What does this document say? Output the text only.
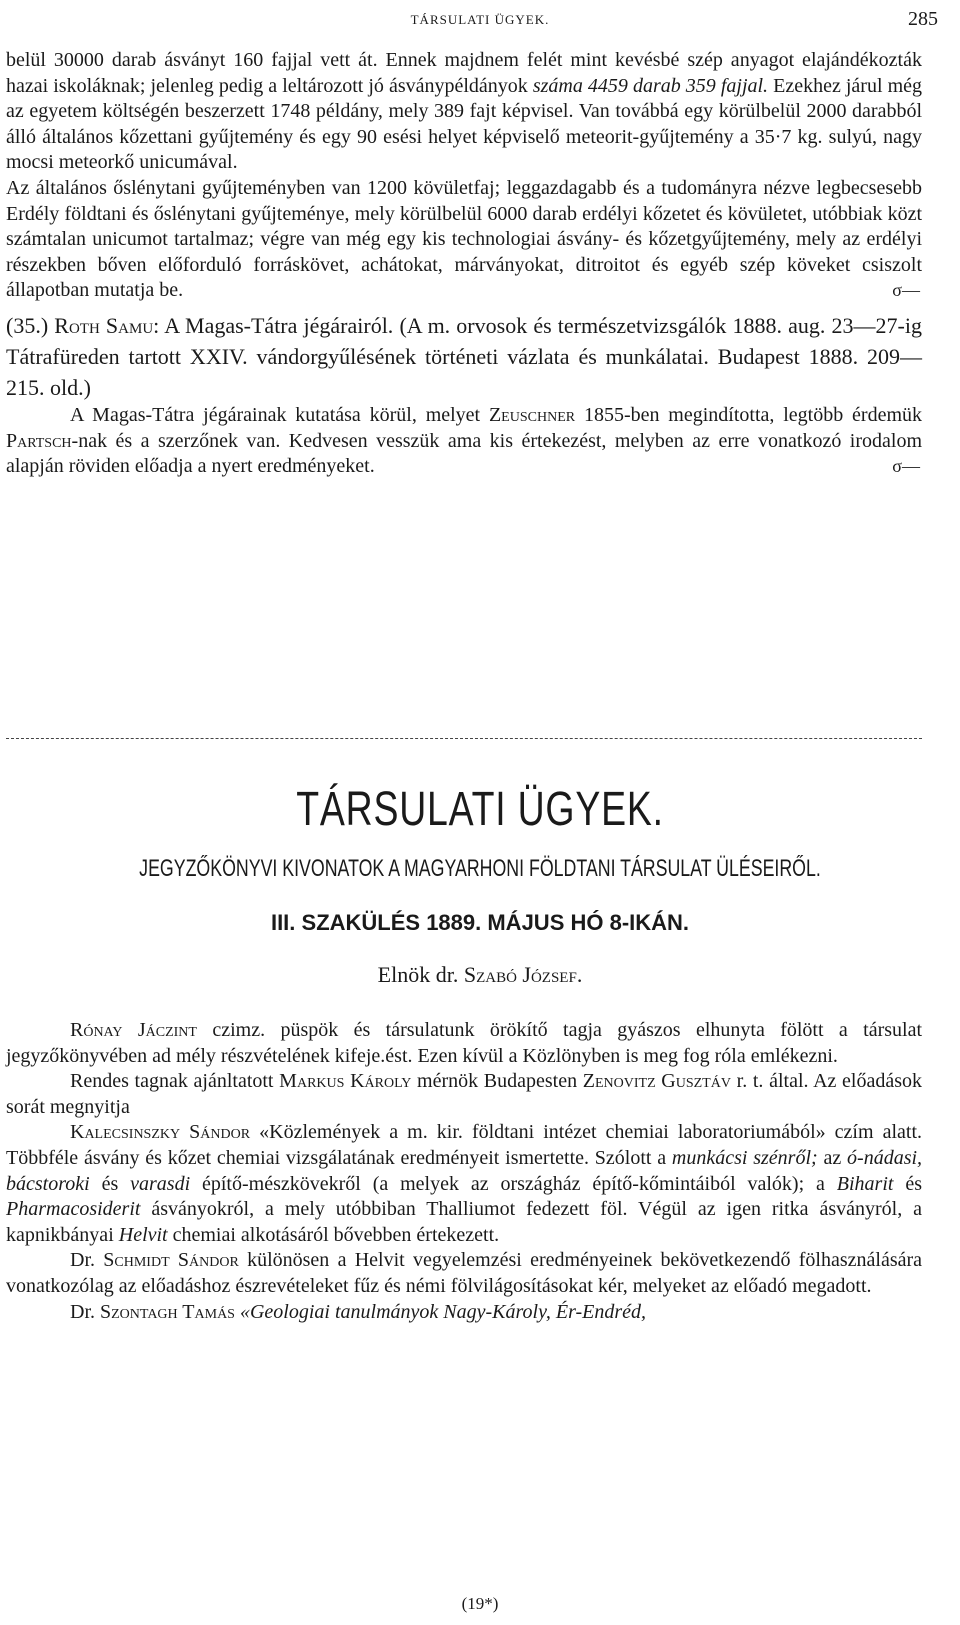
TÁRSULATI ÜGYEK.	285

belül 30000 darab ásványt 160 fajjal vett át. Ennek majdnem felét mint kevésbé szép anyagot elajándékozták hazai iskoláknak; jelenleg pedig a leltározott jó ásványpéldányok száma 4459 darab 359 fajjal. Ezekhez járul még az egyetem költségén beszerzett 1748 példány, mely 389 fajt képvisel. Van továbbá egy körülbelül 2000 darabból álló általános kőzettani gyűjtemény és egy 90 esési helyet képviselő meteorit-gyűjtemény a 35·7 kg. sulyú, nagy mocsi meteorkő unicumával.

Az általános őslénytani gyűjteményben van 1200 kövületfaj; leggazdagabb és a tudományra nézve legbecsesebb Erdély földtani és őslénytani gyűjteménye, mely körülbelül 6000 darab erdélyi kőzetet és kövületet, utóbbiak közt számtalan unicumot tartalmaz; végre van még egy kis technologiai ásvány- és kőzetgyűjtemény, mely az erdélyi részekben bőven előforduló forráskövet, achátokat, márványokat, ditroitot és egyéb szép köveket csiszolt állapotban mutatja be.	σ—

(35.) Roth Samu: A Magas-Tátra jégárairól. (A m. orvosok és természetvizsgálók 1888. aug. 23—27-ig Tátrafüreden tartott XXIV. vándorgyűlésének történeti vázlata és munkálatai. Budapest 1888. 209—215. old.)

A Magas-Tátra jégárainak kutatása körül, melyet Zeuschner 1855-ben megindította, legtöbb érdemük Partsch-nak és a szerzőnek van. Kedvesen vesszük ama kis értekezést, melyben az erre vonatkozó irodalom alapján röviden előadja a nyert eredményeket.	σ—

TÁRSULATI ÜGYEK.
JEGYZŐKÖNYVI KIVONATOK A MAGYARHONI FÖLDTANI TÁRSULAT ÜLÉSEIRŐL.
III. SZAKÜLÉS 1889. MÁJUS HÓ 8-IKÁN.
Elnök dr. Szabó József.

Rónay Jáczint czimz. püspök és társulatunk örökítő tagja gyászos elhunyta fölött a társulat jegyzőkönyvében ad mély részvételének kifeje.ést. Ezen kívül a Közlönyben is meg fog róla emlékezni.

Rendes tagnak ajánltatott Markus Károly mérnök Budapesten Zenovitz Gusztáv r. t. által. Az előadások sorát megnyitja

Kalecsinszky Sándor «Közlemények a m. kir. földtani intézet chemiai laboratoriumából» czím alatt. Többféle ásvány és kőzet chemiai vizsgálatának eredményeit ismertette. Szólott a munkácsi szénről; az ó-nádasi, bácstoroki és varasdi építő-mészkövekről (a melyek az országház építő-kőmintáiból valók); a Biharit és Pharmacosiderit ásványokról, a mely utóbbiban Thalliumot fedezett föl. Végül az igen ritka ásványról, a kapnikbányai Helvit chemiai alkotásáról bővebben értekezett.

Dr. Schmidt Sándor különösen a Helvit vegyelemzési eredményeinek bekövetkezendő fölhasználására vonatkozólag az előadáshoz észrevételeket fűz és némi fölvilágosításokat kér, melyeket az előadó megadott.

Dr. Szontagh Tamás «Geologiai tanulmányok Nagy-Károly, Ér-Endréd,

(19*)
